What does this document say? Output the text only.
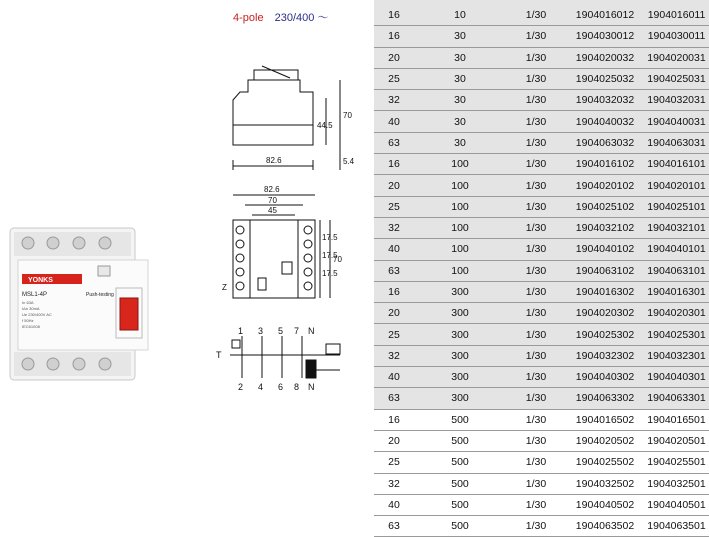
YONKS
MSL1-4P	Push-testing
In 63A
IΔn 30mA
Ue 230/400V AC
f 50Hz
IEC61008
4-pole 230/400 ～
70
44.5
82.6	5.4
82.6
70
45
17.5
17.5
17.5
70
Z
1 3 5 7 N
2 4 6 8 N
T
16	10	1/30	1904016012	1904016011
16	30	1/30	1904030012	1904030011
20	30	1/30	1904020032	1904020031
25	30	1/30	1904025032	1904025031
32	30	1/30	1904032032	1904032031
40	30	1/30	1904040032	1904040031
63	30	1/30	1904063032	1904063031
16	100	1/30	1904016102	1904016101
20	100	1/30	1904020102	1904020101
25	100	1/30	1904025102	1904025101
32	100	1/30	1904032102	1904032101
40	100	1/30	1904040102	1904040101
63	100	1/30	1904063102	1904063101
16	300	1/30	1904016302	1904016301
20	300	1/30	1904020302	1904020301
25	300	1/30	1904025302	1904025301
32	300	1/30	1904032302	1904032301
40	300	1/30	1904040302	1904040301
63	300	1/30	1904063302	1904063301
16	500	1/30	1904016502	1904016501
20	500	1/30	1904020502	1904020501
25	500	1/30	1904025502	1904025501
32	500	1/30	1904032502	1904032501
40	500	1/30	1904040502	1904040501
63	500	1/30	1904063502	1904063501
